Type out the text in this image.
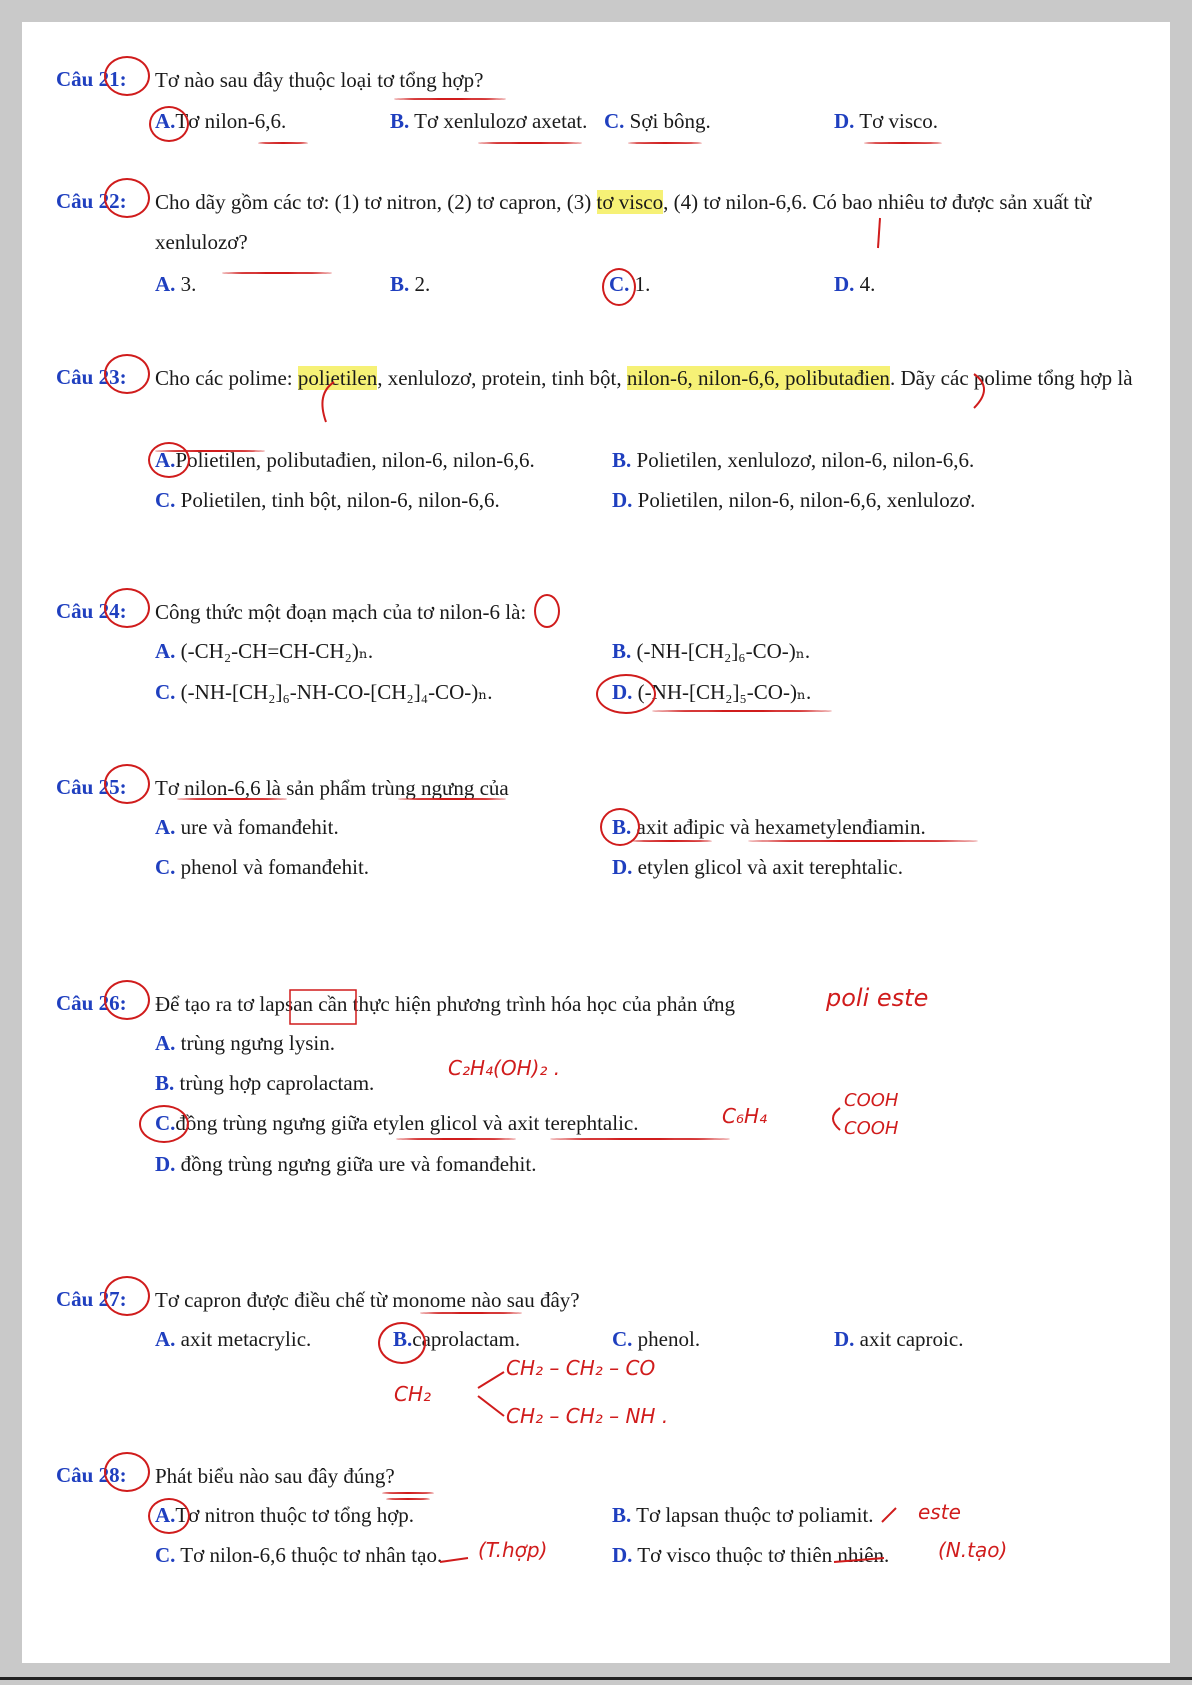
Câu 21: Tơ nào sau đây thuộc loại tơ tổng hợp?
A.Tơ nilon-6,6.	B. Tơ xenlulozơ axetat. C. Sợi bông.	D. Tơ visco.
Câu 22: Cho dãy gồm các tơ: (1) tơ nitron, (2) tơ capron, (3) tơ visco, (4) tơ nilon-6,6. Có bao nhiêu tơ được sản xuất từ xenlulozơ?
A. 3.	B. 2.	C. 1.	D. 4.
Câu 23: Cho các polime: polietilen, xenlulozơ, protein, tinh bột, nilon-6, nilon-6,6, polibutađien. Dãy các polime tổng hợp là
A.Polietilen, polibutađien, nilon-6, nilon-6,6.	B. Polietilen, xenlulozơ, nilon-6, nilon-6,6.
C. Polietilen, tinh bột, nilon-6, nilon-6,6.	D. Polietilen, nilon-6, nilon-6,6, xenlulozơ.
Câu 24: Công thức một đoạn mạch của tơ nilon-6 là:
A. (-CH₂-CH=CH-CH₂)ₙ.	B. (-NH-[CH₂]₆-CO-)ₙ.
C. (-NH-[CH₂]₆-NH-CO-[CH₂]₄-CO-)ₙ.	D. (-NH-[CH₂]₅-CO-)ₙ.
Câu 25: Tơ nilon-6,6 là sản phẩm trùng ngưng của
A. ure và fomanđehit.	B. axit ađipic và hexametylenđiamin.
C. phenol và fomanđehit.	D. etylen glicol và axit terephtalic.
Câu 26: Để tạo ra tơ lapsan cần thực hiện phương trình hóa học của phản ứng
A. trùng ngưng lysin.
B. trùng hợp caprolactam.
C.đồng trùng ngưng giữa etylen glicol và axit terephtalic.
D. đồng trùng ngưng giữa ure và fomanđehit.
Câu 27: Tơ capron được điều chế từ monome nào sau đây?
A. axit metacrylic.	B.caprolactam.	C. phenol.	D. axit caproic.
Câu 28: Phát biểu nào sau đây đúng?
A.Tơ nitron thuộc tơ tổng hợp.	B. Tơ lapsan thuộc tơ poliamit.
C. Tơ nilon-6,6 thuộc tơ nhân tạo.	D. Tơ visco thuộc tơ thiên nhiên.
poli este
C₂H₄(OH)₂ .
C₆H₄
COOH
COOH
CH₂
CH₂ – CH₂ – CO
CH₂ – CH₂ – NH .
este
(T.hợp)	(N.tạo)
